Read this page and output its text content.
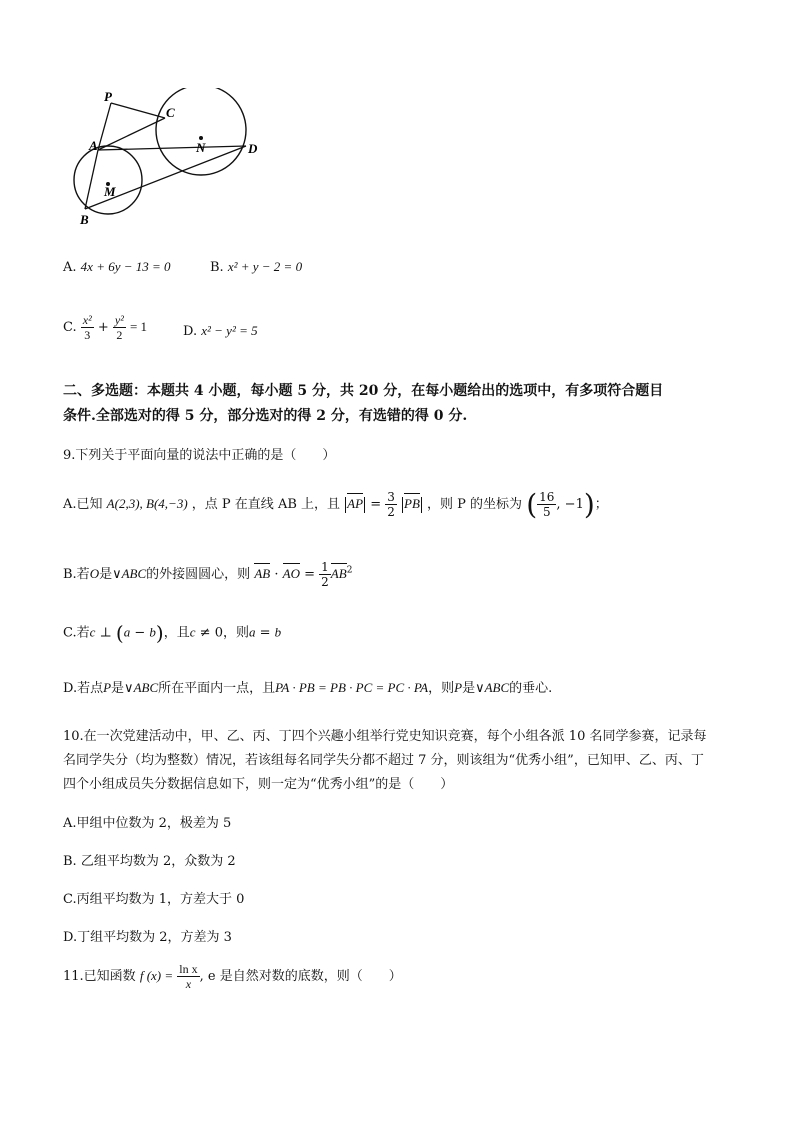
P
A
B
C
D
M
N
A. 4x + 6y − 13 = 0	B. x² + y − 2 = 0
C. $\frac{\text{x²}}{3} + \frac{\text{y²}}{2} = 1$	D. x² − y² = 5
二、多选题：本题共 4 小题，每小题 5 分，共 20 分，在每小题给出的选项中，有多项符合题目
条件.全部选对的得 5 分，部分选对的得 2 分，有选错的得 0 分.
9.下列关于平面向量的说法中正确的是（　　）
A.已知 A(2,3), B(4,−3) ，点 P 在直线 AB 上，且 AP = $\frac{3}{2}$ PB ，则 P 的坐标为 ( $\frac{16}{5}$ , −1)；
B.若O是∨ABC的外接圆圆心，则 AB · AO = $\frac{1}{2} AB^2$
C.若c ⊥ (a − b)，且c ≠ 0，则a = b
D.若点P是∨ABC所在平面内一点，且PA · PB = PB · PC = PC · PA，则P是∨ABC的垂心.
10.在一次党建活动中，甲、乙、丙、丁四个兴趣小组举行党史知识竞赛，每个小组各派 10 名同学参赛，记录每
名同学失分（均为整数）情况，若该组每名同学失分都不超过 7 分，则该组为“优秀小组”，已知甲、乙、丙、丁
四个小组成员失分数据信息如下，则一定为“优秀小组”的是（　　）
A.甲组中位数为 2，极差为 5
B. 乙组平均数为 2，众数为 2
C.丙组平均数为 1，方差大于 0
D.丁组平均数为 2，方差为 3
11.已知函数 f $(x) = \frac{\text{ln x}}{x}$ , e 是自然对数的底数，则（　　）
